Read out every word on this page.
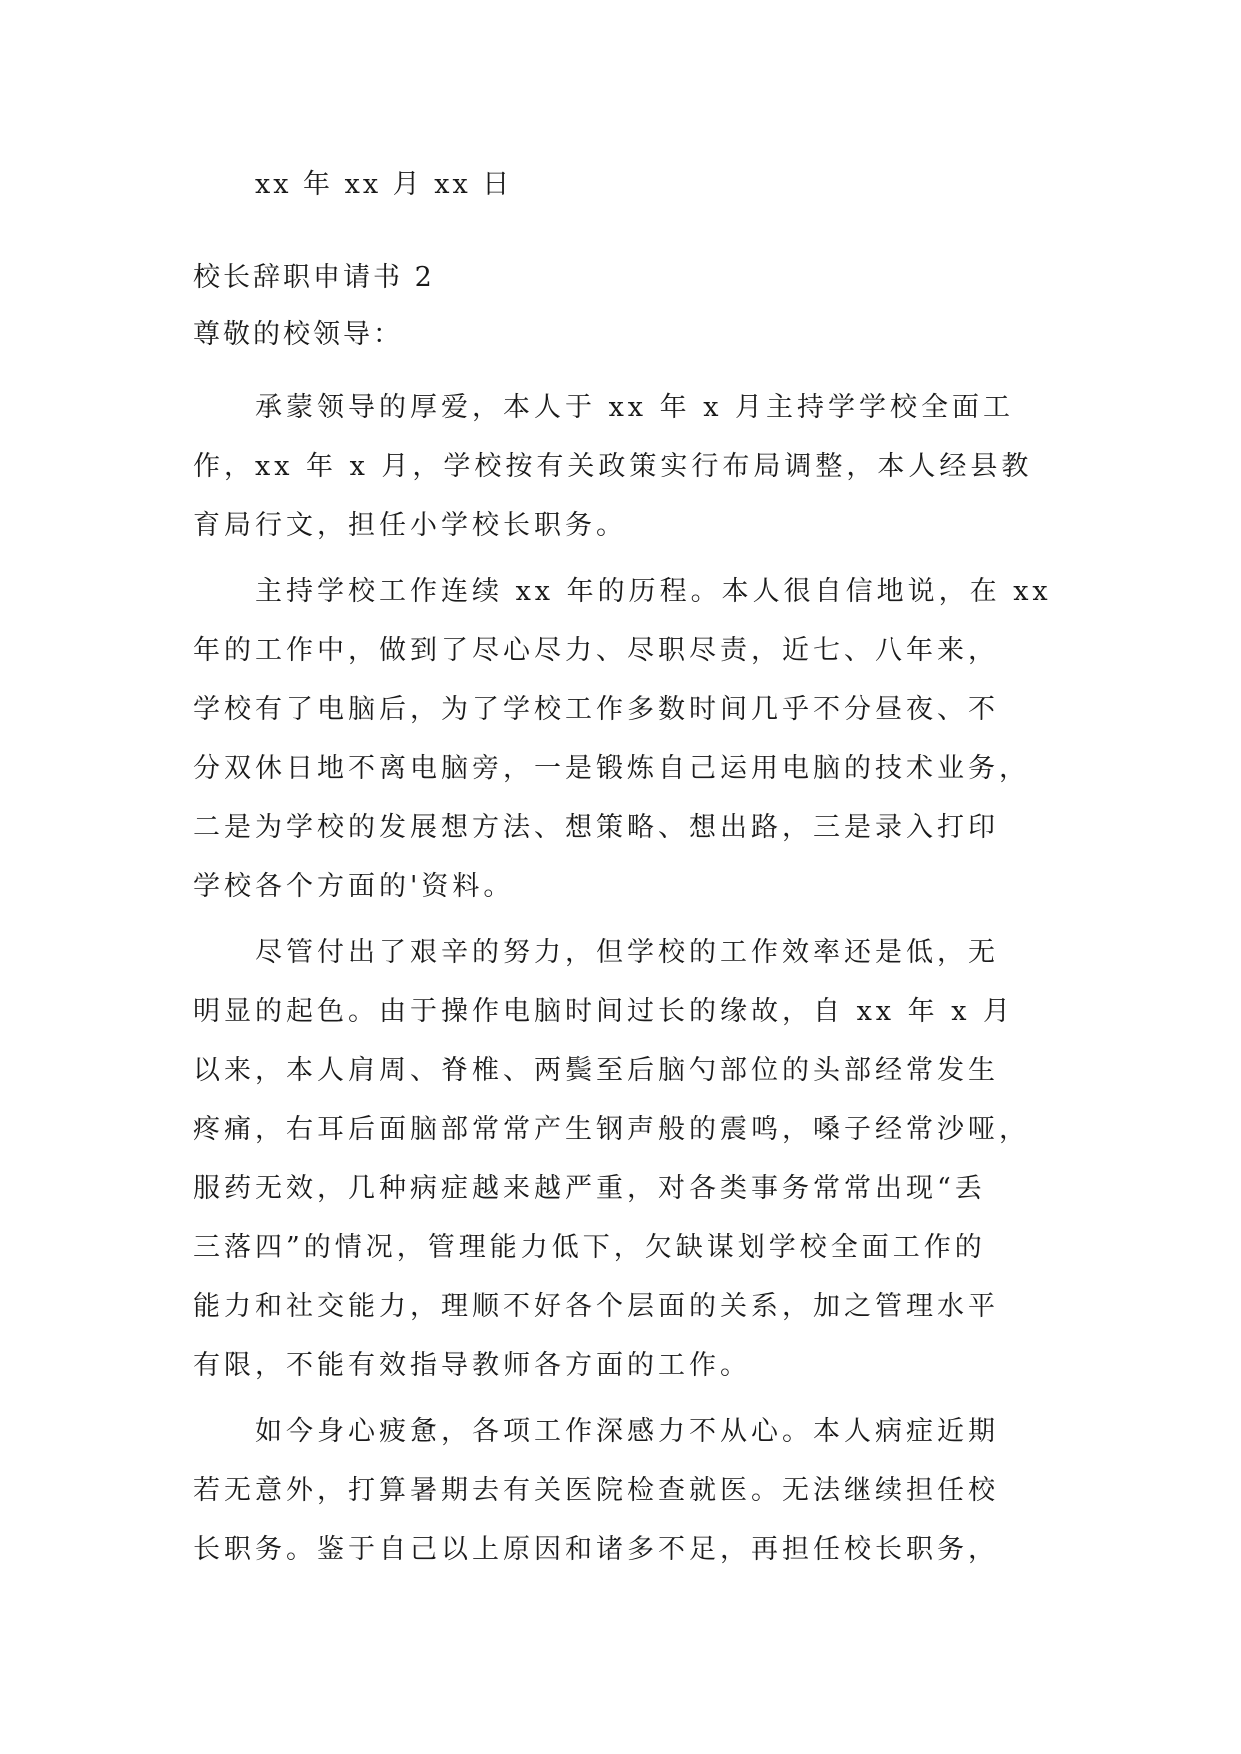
xx 年 xx 月 xx 日
校长辞职申请书 2
尊敬的校领导：

承蒙领导的厚爱，本人于 xx 年 x 月主持学学校全面工
作，xx 年 x 月，学校按有关政策实行布局调整，本人经县教
育局行文，担任小学校长职务。

主持学校工作连续 xx 年的历程。本人很自信地说，在 xx
年的工作中，做到了尽心尽力、尽职尽责，近七、八年来，
学校有了电脑后，为了学校工作多数时间几乎不分昼夜、不
分双休日地不离电脑旁，一是锻炼自己运用电脑的技术业务，
二是为学校的发展想方法、想策略、想出路，三是录入打印
学校各个方面的'资料。

尽管付出了艰辛的努力，但学校的工作效率还是低，无
明显的起色。由于操作电脑时间过长的缘故，自 xx 年 x 月
以来，本人肩周、脊椎、两鬓至后脑勺部位的头部经常发生
疼痛，右耳后面脑部常常产生钢声般的震鸣，嗓子经常沙哑，
服药无效，几种病症越来越严重，对各类事务常常出现“丢
三落四”的情况，管理能力低下，欠缺谋划学校全面工作的
能力和社交能力，理顺不好各个层面的关系，加之管理水平
有限，不能有效指导教师各方面的工作。

如今身心疲惫，各项工作深感力不从心。本人病症近期
若无意外，打算暑期去有关医院检查就医。无法继续担任校
长职务。鉴于自己以上原因和诸多不足，再担任校长职务，
